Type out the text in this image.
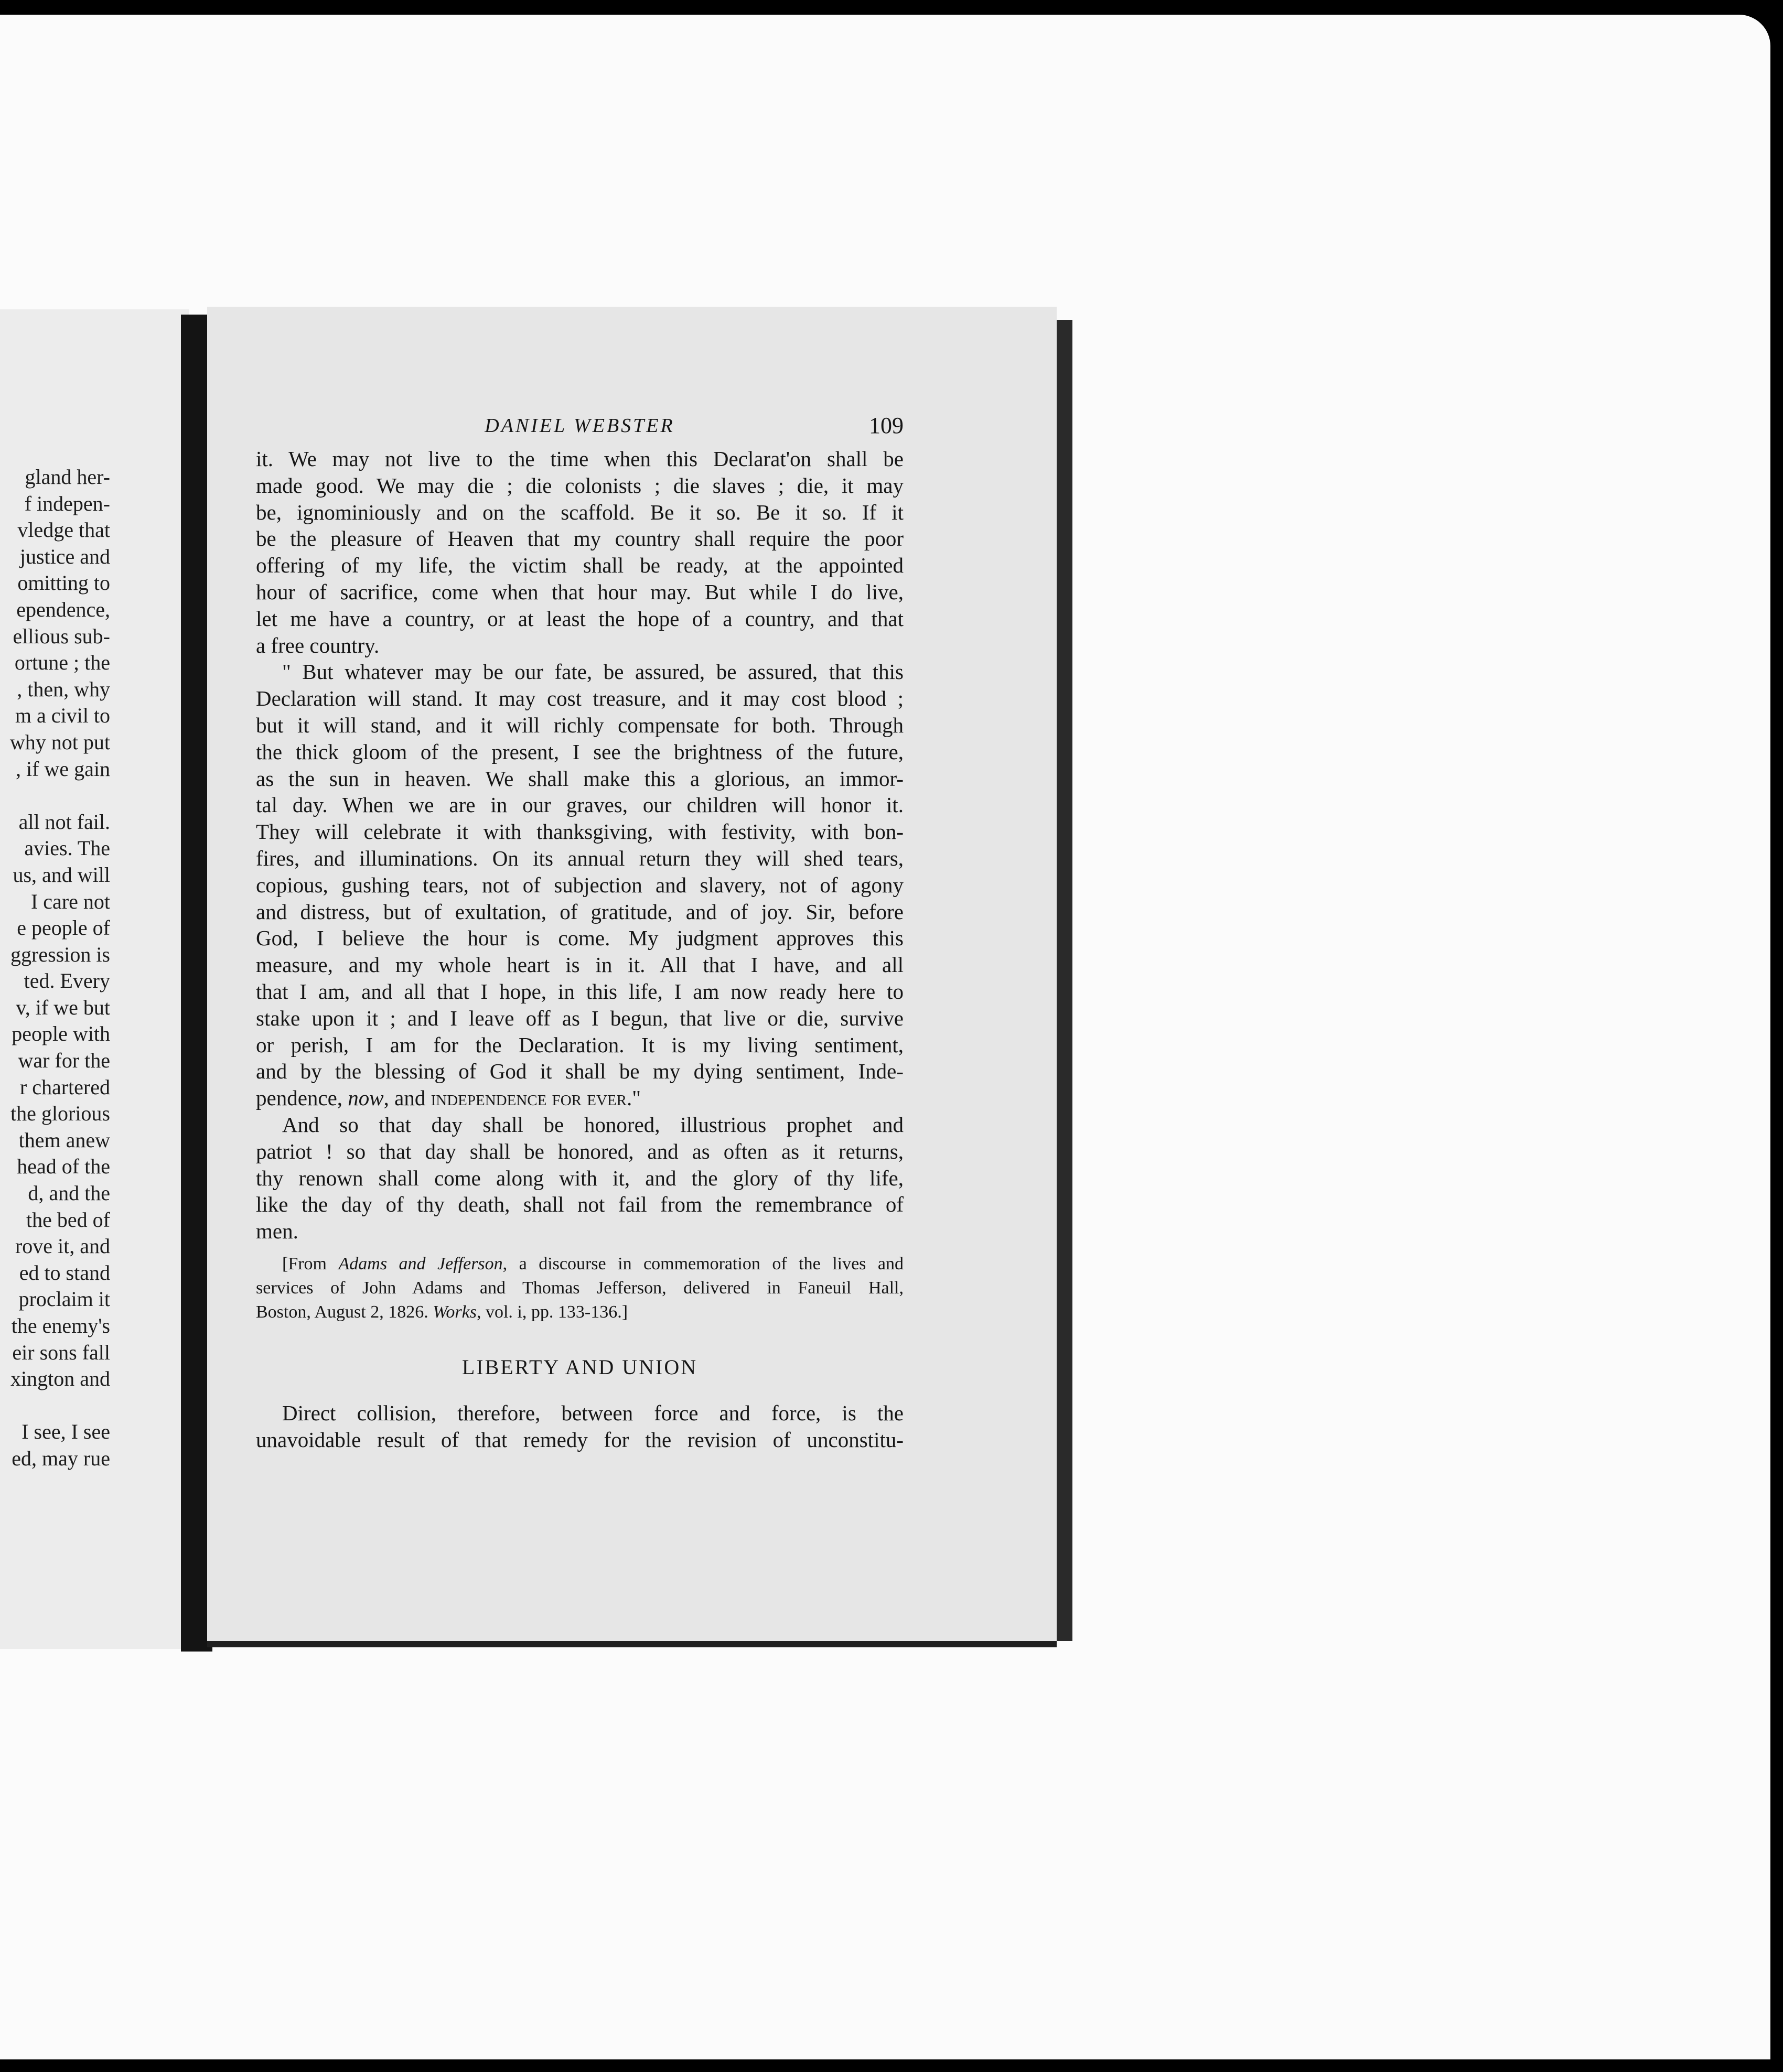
gland her-
f indepen-
vledge that
justice and
omitting to
ependence,
ellious sub-
ortune ; the
, then, why
m a civil to
why not put
, if we gain
all not fail.
avies. The
us, and will
I care not
e people of
ggression is
ted. Every
v, if we but
people with
war for the
r chartered
the glorious
them anew
head of the
d, and the
the bed of
rove it, and
ed to stand
proclaim it
the enemy's
eir sons fall
xington and
I see, I see
ed, may rue
DANIEL WEBSTER	109
it. We may not live to the time when this Declarat'on shall be
made good. We may die ; die colonists ; die slaves ; die, it may
be, ignominiously and on the scaffold. Be it so. Be it so. If it
be the pleasure of Heaven that my country shall require the poor
offering of my life, the victim shall be ready, at the appointed
hour of sacrifice, come when that hour may. But while I do live,
let me have a country, or at least the hope of a country, and that
a free country.
" But whatever may be our fate, be assured, be assured, that this
Declaration will stand. It may cost treasure, and it may cost blood ;
but it will stand, and it will richly compensate for both. Through
the thick gloom of the present, I see the brightness of the future,
as the sun in heaven. We shall make this a glorious, an immor-
tal day. When we are in our graves, our children will honor it.
They will celebrate it with thanksgiving, with festivity, with bon-
fires, and illuminations. On its annual return they will shed tears,
copious, gushing tears, not of subjection and slavery, not of agony
and distress, but of exultation, of gratitude, and of joy. Sir, before
God, I believe the hour is come. My judgment approves this
measure, and my whole heart is in it. All that I have, and all
that I am, and all that I hope, in this life, I am now ready here to
stake upon it ; and I leave off as I begun, that live or die, survive
or perish, I am for the Declaration. It is my living sentiment,
and by the blessing of God it shall be my dying sentiment, Inde-
pendence, now, and independence for ever."
And so that day shall be honored, illustrious prophet and
patriot ! so that day shall be honored, and as often as it returns,
thy renown shall come along with it, and the glory of thy life,
like the day of thy death, shall not fail from the remembrance of
men.
[From Adams and Jefferson, a discourse in commemoration of the lives and
services of John Adams and Thomas Jefferson, delivered in Faneuil Hall,
Boston, August 2, 1826. Works, vol. i, pp. 133-136.]
LIBERTY AND UNION
Direct collision, therefore, between force and force, is the
unavoidable result of that remedy for the revision of unconstitu-
